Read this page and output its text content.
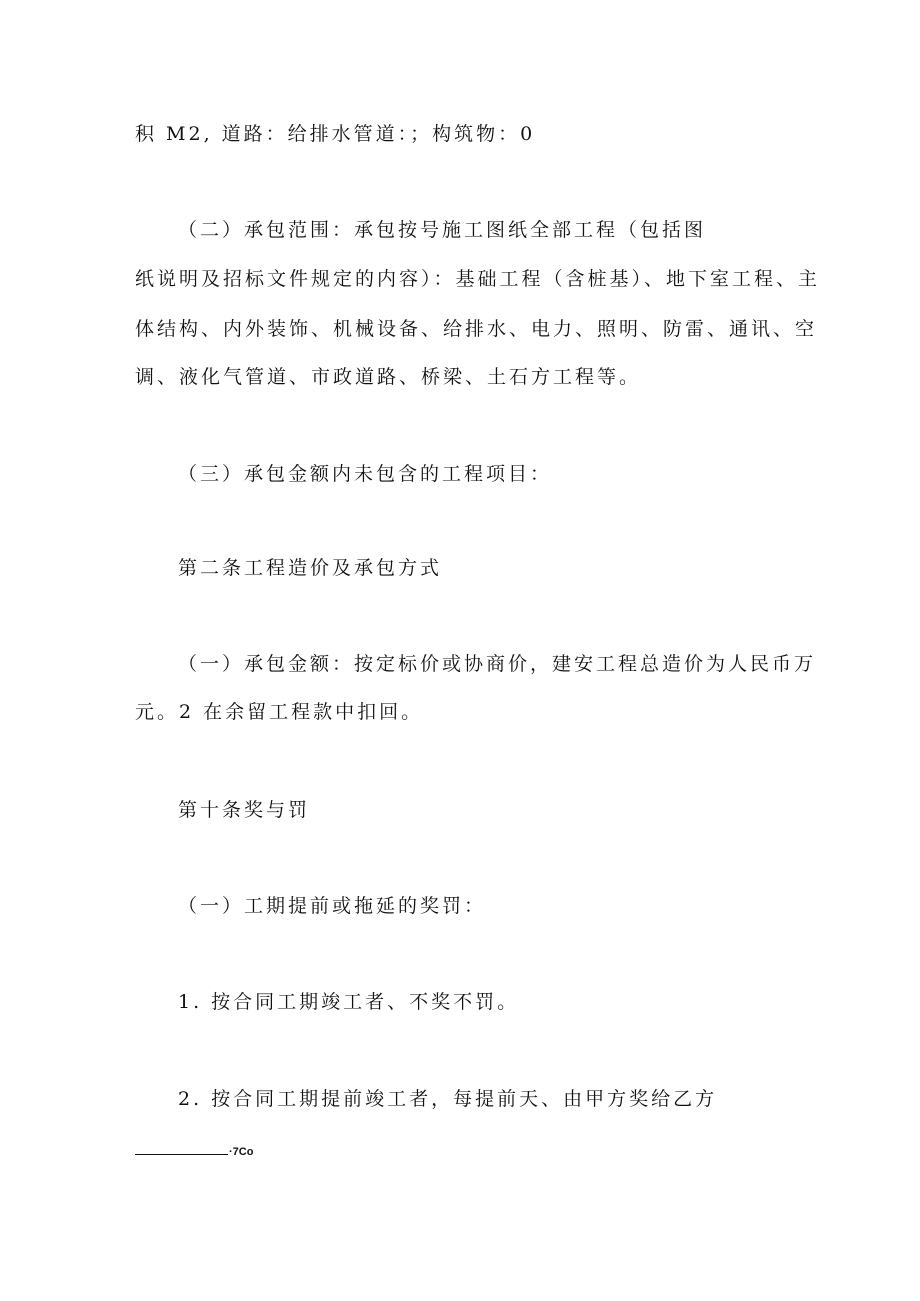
积 M2, 道路：给排水管道：；构筑物：0
（二）承包范围：承包按号施工图纸全部工程（包括图
纸说明及招标文件规定的内容）：基础工程（含桩基）、地下室工程、主
体结构、内外装饰、机械设备、给排水、电力、照明、防雷、通讯、空
调、液化气管道、市政道路、桥梁、土石方工程等。
（三）承包金额内未包含的工程项目：
第二条工程造价及承包方式
（一）承包金额：按定标价或协商价，建安工程总造价为人民币万
元。2 在余留工程款中扣回。
第十条奖与罚
（一）工期提前或拖延的奖罚：
1. 按合同工期竣工者、不奖不罚。
2. 按合同工期提前竣工者，每提前天、由甲方奖给乙方
·7Co
